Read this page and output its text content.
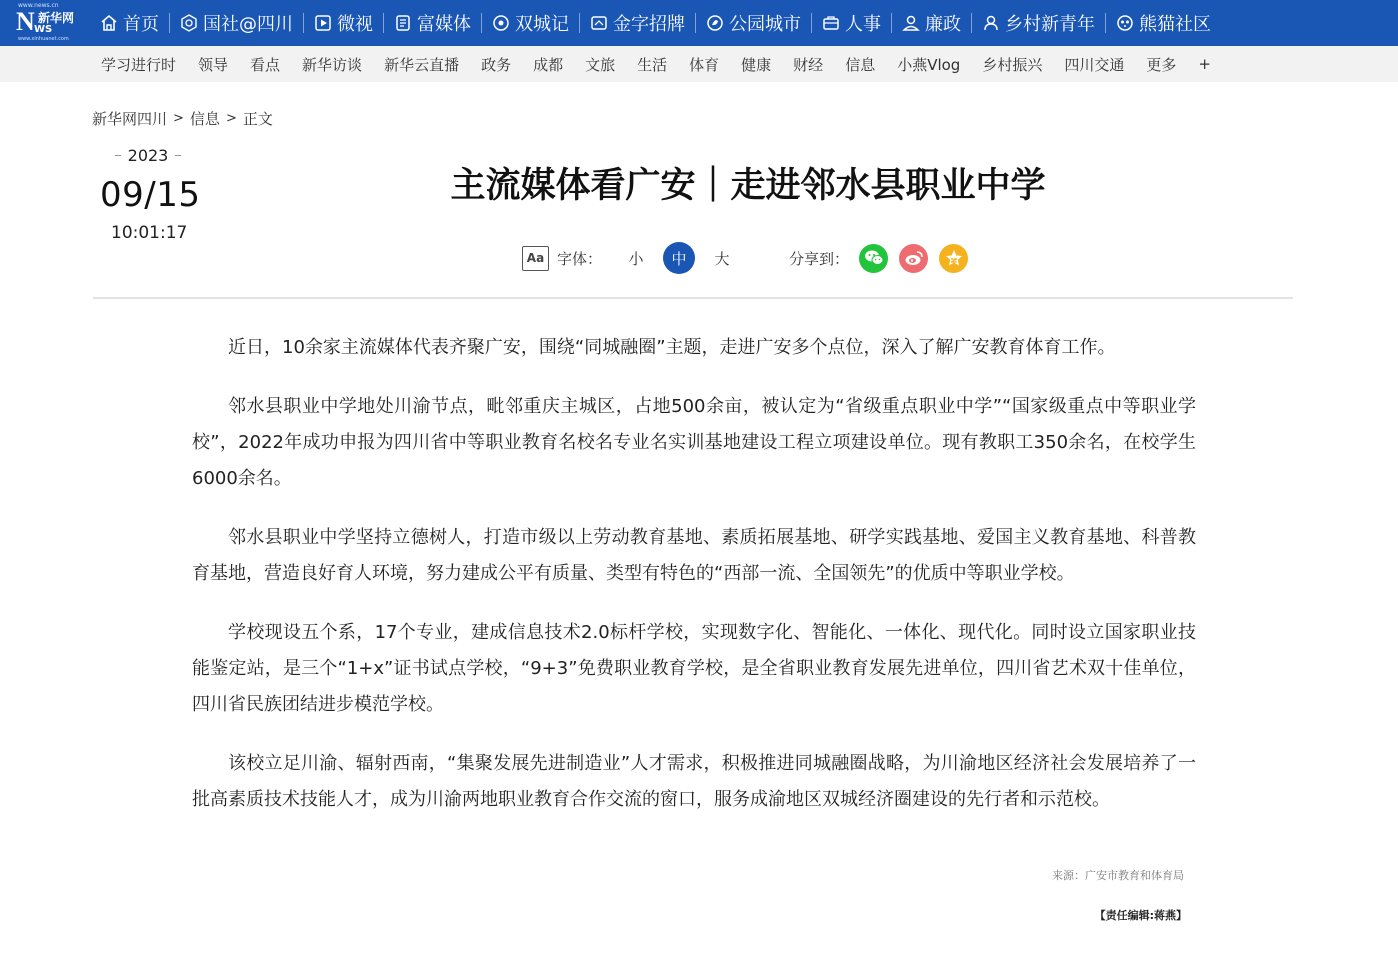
www.news.cn
N 新华网
WS
www.xinhuanet.com
首页 国社@四川 微视 富媒体 双城记 金字招牌 公园城市 人事 廉政 乡村新青年 熊猫社区
学习进行时	领导	看点	新华访谈	新华云直播	政务	成都	文旅	生活	体育	健康	财经	信息	小燕Vlog	乡村振兴	四川交通	更多	+
新华网四川 > 信息 > 正文
2023
09/15
10:01:17
主流媒体看广安｜走进邻水县职业中学
Aa 字体：	小	中	大	分享到：

近日，10余家主流媒体代表齐聚广安，围绕“同城融圈”主题，走进广安多个点位，深入了解广安教育体育工作。

邻水县职业中学地处川渝节点，毗邻重庆主城区，占地500余亩，被认定为“省级重点职业中学”“国家级重点中等职业学校”，2022年成功申报为四川省中等职业教育名校名专业名实训基地建设工程立项建设单位。现有教职工350余名，在校学生6000余名。

邻水县职业中学坚持立德树人，打造市级以上劳动教育基地、素质拓展基地、研学实践基地、爱国主义教育基地、科普教育基地，营造良好育人环境，努力建成公平有质量、类型有特色的“西部一流、全国领先”的优质中等职业学校。

学校现设五个系，17个专业，建成信息技术2.0标杆学校，实现数字化、智能化、一体化、现代化。同时设立国家职业技能鉴定站，是三个“1+x”证书试点学校，“9+3”免费职业教育学校，是全省职业教育发展先进单位，四川省艺术双十佳单位，四川省民族团结进步模范学校。

该校立足川渝、辐射西南，“集聚发展先进制造业”人才需求，积极推进同城融圈战略，为川渝地区经济社会发展培养了一批高素质技术技能人才，成为川渝两地职业教育合作交流的窗口，服务成渝地区双城经济圈建设的先行者和示范校。

来源：广安市教育和体育局
【责任编辑:蒋燕】
